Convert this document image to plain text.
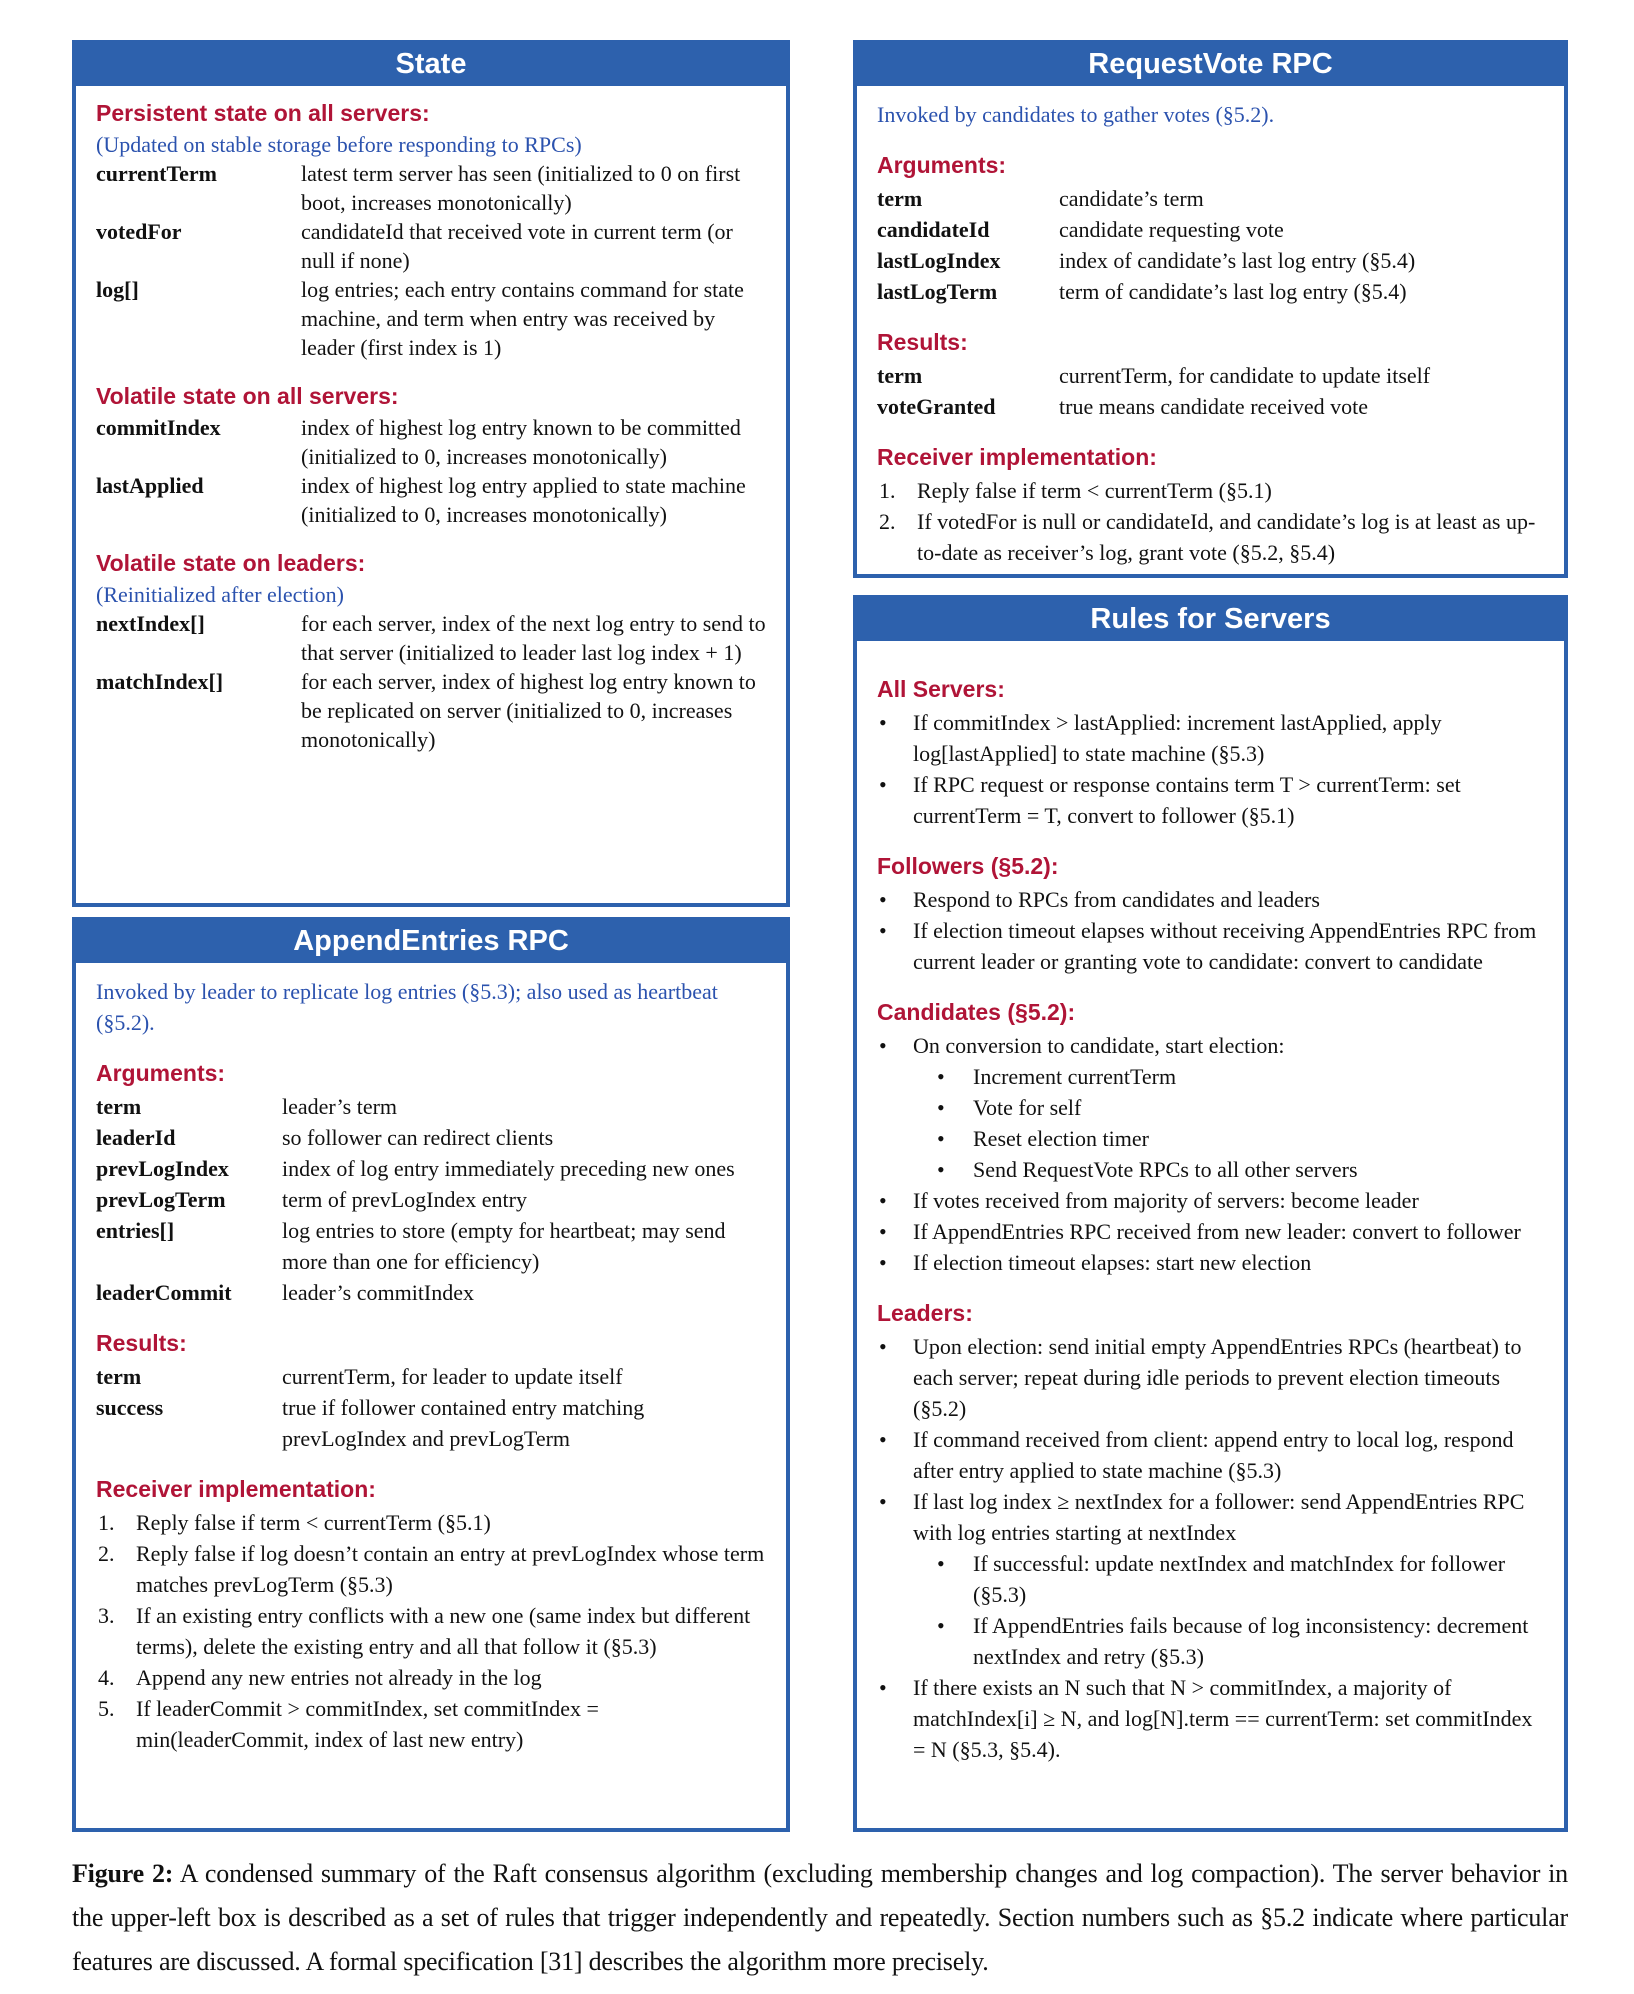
State
Persistent state on all servers:

(Updated on stable storage before responding to RPCs)

currentTerm	latest term server has seen (initialized to 0 on first boot, increases monotonically)
votedFor	candidateId that received vote in current term (or null if none)
log[]	log entries; each entry contains command for state machine, and term when entry was received by leader (first index is 1)
Volatile state on all servers:
commitIndex	index of highest log entry known to be committed (initialized to 0, increases monotonically)
lastApplied	index of highest log entry applied to state machine (initialized to 0, increases monotonically)
Volatile state on leaders:

(Reinitialized after election)

nextIndex[]	for each server, index of the next log entry to send to that server (initialized to leader last log index + 1)
matchIndex[]	for each server, index of highest log entry known to be replicated on server (initialized to 0, increases monotonically)
AppendEntries RPC

Invoked by leader to replicate log entries (§5.3); also used as heartbeat (§5.2).

Arguments:
term	leader’s term
leaderId	so follower can redirect clients
prevLogIndex	index of log entry immediately preceding new ones
prevLogTerm	term of prevLogIndex entry
entries[]	log entries to store (empty for heartbeat; may send more than one for efficiency)
leaderCommit	leader’s commitIndex
Results:
term	currentTerm, for leader to update itself
success	true if follower contained entry matching prevLogIndex and prevLogTerm
Receiver implementation:
Reply false if term < currentTerm (§5.1)
Reply false if log doesn’t contain an entry at prevLogIndex whose term matches prevLogTerm (§5.3)
If an existing entry conflicts with a new one (same index but different terms), delete the existing entry and all that follow it (§5.3)
Append any new entries not already in the log
If leaderCommit > commitIndex, set commitIndex = min(leaderCommit, index of last new entry)
RequestVote RPC

Invoked by candidates to gather votes (§5.2).

Arguments:
term	candidate’s term
candidateId	candidate requesting vote
lastLogIndex	index of candidate’s last log entry (§5.4)
lastLogTerm	term of candidate’s last log entry (§5.4)
Results:
term	currentTerm, for candidate to update itself
voteGranted	true means candidate received vote
Receiver implementation:
Reply false if term < currentTerm (§5.1)
If votedFor is null or candidateId, and candidate’s log is at least as up-to-date as receiver’s log, grant vote (§5.2, §5.4)
Rules for Servers
All Servers:
• If commitIndex > lastApplied: increment lastApplied, apply log[lastApplied] to state machine (§5.3)
• If RPC request or response contains term T > currentTerm: set currentTerm = T, convert to follower (§5.1)
Followers (§5.2):
• Respond to RPCs from candidates and leaders
• If election timeout elapses without receiving AppendEntries RPC from current leader or granting vote to candidate: convert to candidate
Candidates (§5.2):
• On conversion to candidate, start election:
• Increment currentTerm
• Vote for self
• Reset election timer
• Send RequestVote RPCs to all other servers
• If votes received from majority of servers: become leader
• If AppendEntries RPC received from new leader: convert to follower
• If election timeout elapses: start new election
Leaders:
• Upon election: send initial empty AppendEntries RPCs (heartbeat) to each server; repeat during idle periods to prevent election timeouts (§5.2)
• If command received from client: append entry to local log, respond after entry applied to state machine (§5.3)
• If last log index ≥ nextIndex for a follower: send AppendEntries RPC with log entries starting at nextIndex
• If successful: update nextIndex and matchIndex for follower (§5.3)
• If AppendEntries fails because of log inconsistency: decrement nextIndex and retry (§5.3)
• If there exists an N such that N > commitIndex, a majority of matchIndex[i] ≥ N, and log[N].term == currentTerm: set commitIndex = N (§5.3, §5.4).

Figure 2: A condensed summary of the Raft consensus algorithm (excluding membership changes and log compaction). The server behavior in the upper-left box is described as a set of rules that trigger independently and repeatedly. Section numbers such as §5.2 indicate where particular features are discussed. A formal specification [31] describes the algorithm more precisely.
